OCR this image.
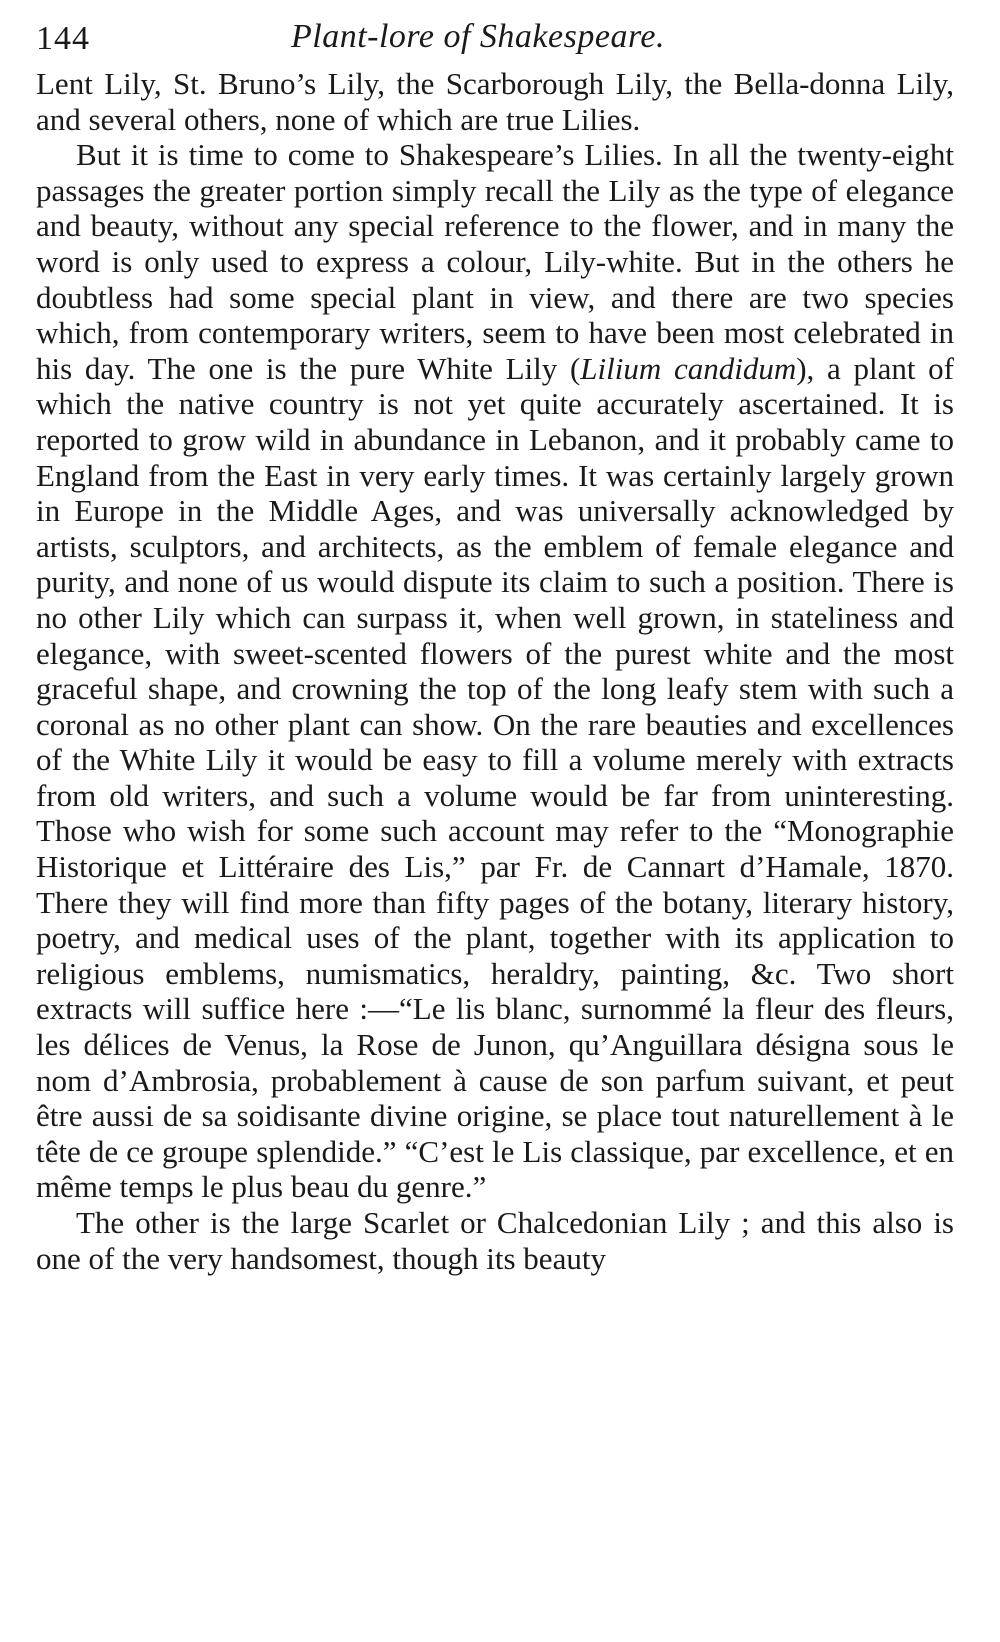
144	Plant-lore of Shakespeare.

Lent Lily, St. Bruno’s Lily, the Scarborough Lily, the Bella-donna Lily, and several others, none of which are true Lilies.

But it is time to come to Shakespeare’s Lilies. In all the twenty-eight passages the greater portion simply recall the Lily as the type of elegance and beauty, without any special reference to the flower, and in many the word is only used to express a colour, Lily-white. But in the others he doubtless had some special plant in view, and there are two species which, from contemporary writers, seem to have been most celebrated in his day. The one is the pure White Lily (Lilium candidum), a plant of which the native country is not yet quite accurately ascertained. It is reported to grow wild in abundance in Lebanon, and it probably came to England from the East in very early times. It was certainly largely grown in Europe in the Middle Ages, and was universally acknowledged by artists, sculptors, and architects, as the emblem of female elegance and purity, and none of us would dispute its claim to such a position. There is no other Lily which can surpass it, when well grown, in stateliness and elegance, with sweet-scented flowers of the purest white and the most graceful shape, and crowning the top of the long leafy stem with such a coronal as no other plant can show. On the rare beauties and excellences of the White Lily it would be easy to fill a volume merely with extracts from old writers, and such a volume would be far from uninteresting. Those who wish for some such account may refer to the “Monographie Historique et Littéraire des Lis,” par Fr. de Cannart d’Hamale, 1870. There they will find more than fifty pages of the botany, literary history, poetry, and medical uses of the plant, together with its application to religious emblems, numismatics, heraldry, painting, &c. Two short extracts will suffice here :—“Le lis blanc, surnommé la fleur des fleurs, les délices de Venus, la Rose de Junon, qu’Anguillara désigna sous le nom d’Ambrosia, probablement à cause de son parfum suivant, et peut être aussi de sa soidisante divine origine, se place tout naturellement à le tête de ce groupe splendide.” “C’est le Lis classique, par excellence, et en même temps le plus beau du genre.”

The other is the large Scarlet or Chalcedonian Lily ; and this also is one of the very handsomest, though its beauty
